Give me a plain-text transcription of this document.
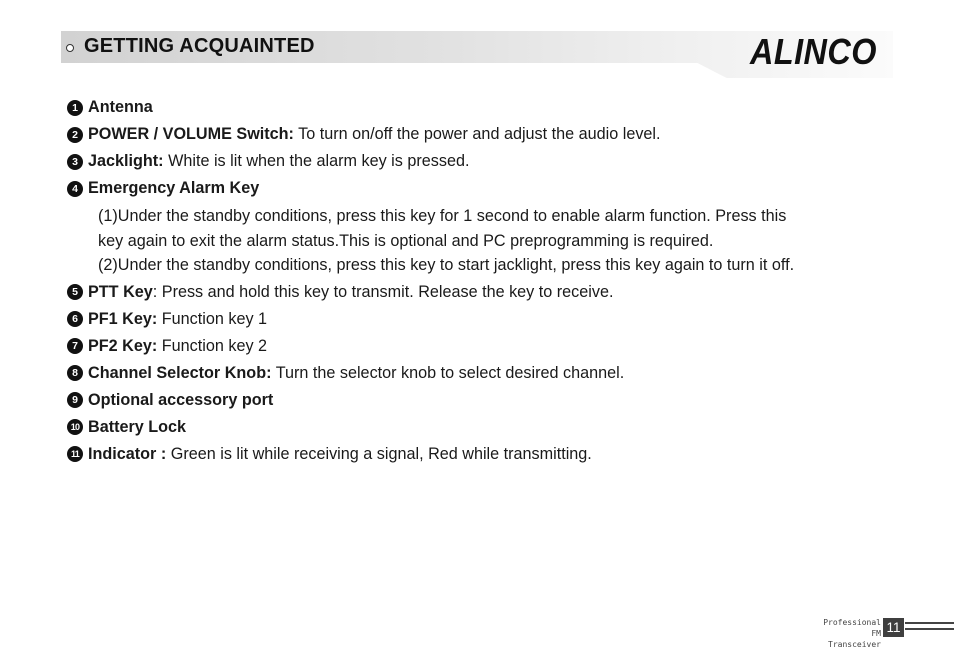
GETTING ACQUAINTED	ALINCO
1 Antenna
2 POWER / VOLUME Switch: To turn on/off the power and adjust the audio level.
3 Jacklight: White is lit when the alarm key is pressed.
4 Emergency Alarm Key

(1)Under the standby conditions, press this key for 1 second to enable alarm function. Press this

key again to exit the alarm status.This is optional and PC preprogramming is required.

(2)Under the standby conditions, press this key to start jacklight, press this key again to turn it off.

5 PTT Key : Press and hold this key to transmit. Release the key to receive.
6 PF1 Key: Function key 1
7 PF2 Key: Function key 2
8 Channel Selector Knob: Turn the selector knob to select desired channel.
9 Optional accessory port
10 Battery Lock
11 Indicator : Green is lit while receiving a signal, Red while transmitting.
Professional
FM Transceiver
11
